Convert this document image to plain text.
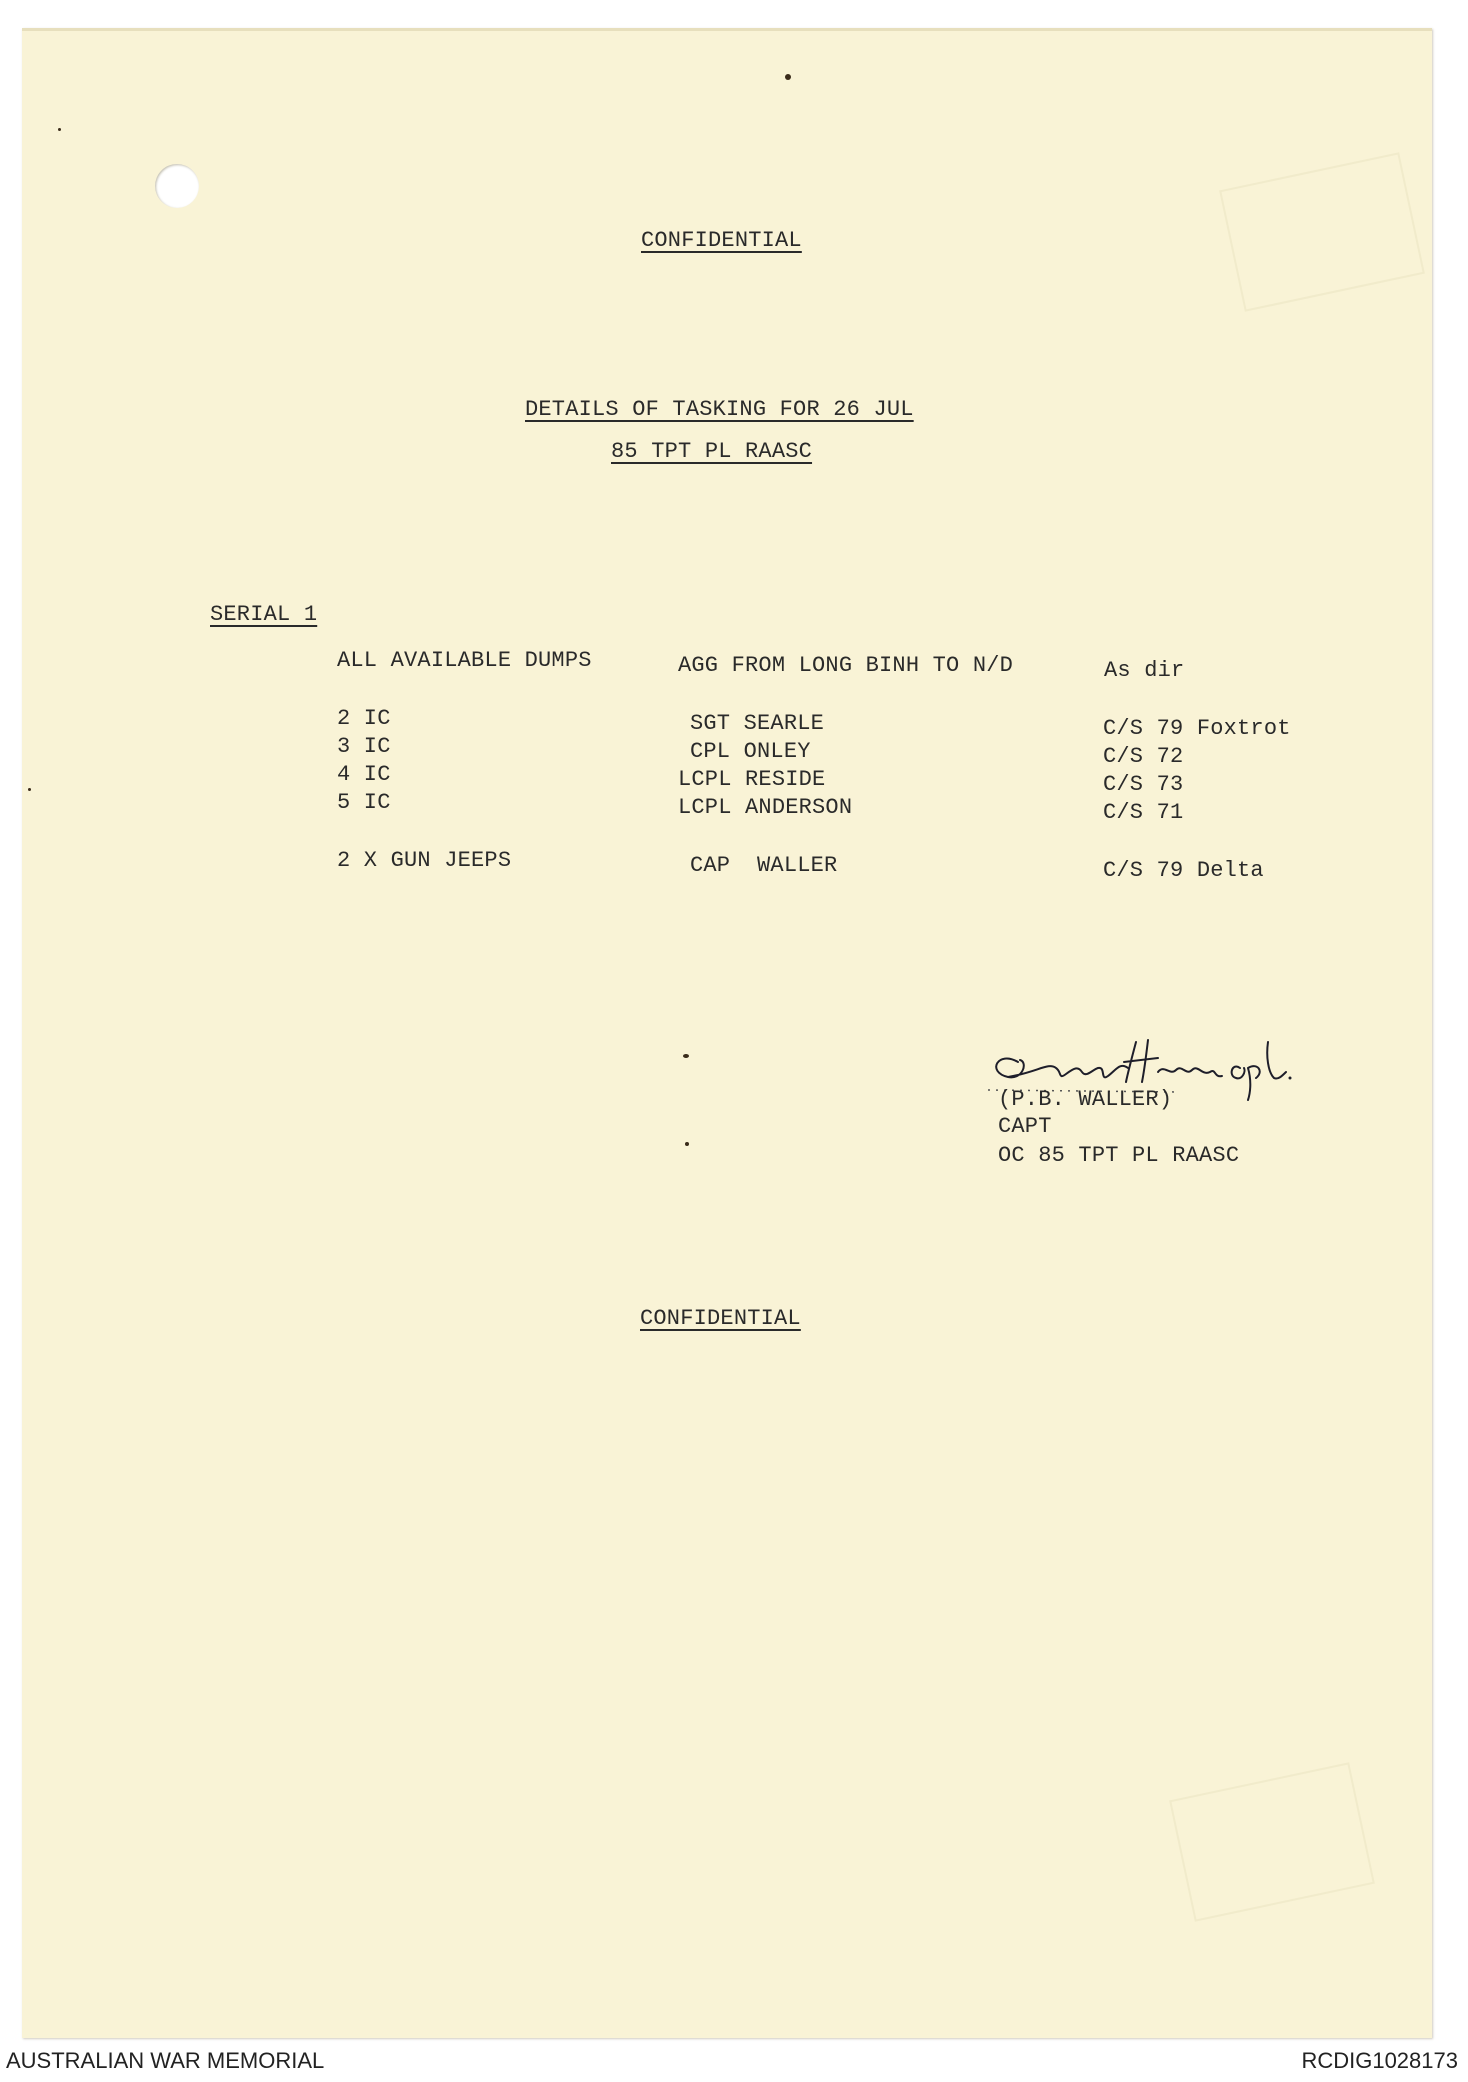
CONFIDENTIAL
DETAILS OF TASKING FOR 26 JUL
85 TPT PL RAASC
SERIAL 1
ALL AVAILABLE DUMPS	AGG FROM LONG BINH TO N/D	As dir
2 IC	SGT SEARLE	C/S 79 Foxtrot
3 IC	CPL ONLEY	C/S 72
4 IC	LCPL RESIDE	C/S 73
5 IC	LCPL ANDERSON	C/S 71
2 X GUN JEEPS	CAP  WALLER	C/S 79 Delta
(P.B. WALLER)
CAPT
OC 85 TPT PL RAASC
CONFIDENTIAL
AUSTRALIAN WAR MEMORIAL	RCDIG1028173
